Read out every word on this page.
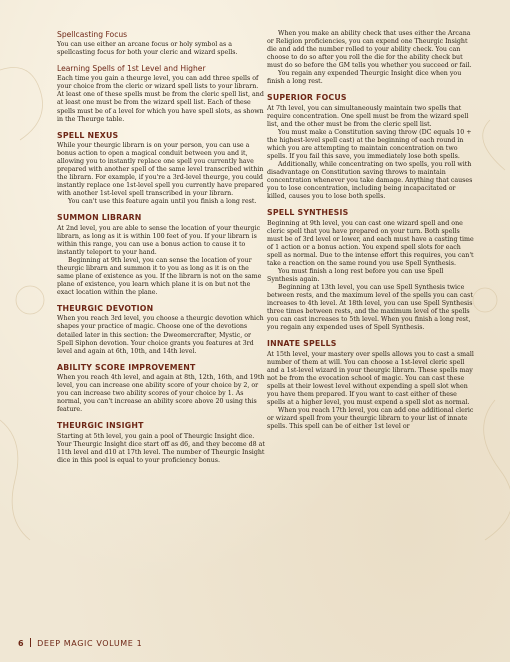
Spellcasting Focus

You can use either an arcane focus or holy symbol as a spellcasting focus for both your cleric and wizard spells.

Learning Spells of 1st Level and Higher

Each time you gain a theurge level, you can add three spells of your choice from the cleric or wizard spell lists to your librarn. At least one of these spells must be from the cleric spell list, and at least one must be from the wizard spell list. Each of these spells must be of a level for which you have spell slots, as shown in the Theurge table.

SPELL NEXUS

While your theurgic librarn is on your person, you can use a bonus action to open a magical conduit between you and it, allowing you to instantly replace one spell you currently have prepared with another spell of the same level transcribed within the librarn. For example, if you're a 3rd-level theurge, you could instantly replace one 1st-level spell you currently have prepared with another 1st-level spell transcribed in your librarn.

You can't use this feature again until you finish a long rest.

SUMMON LIBRARN

At 2nd level, you are able to sense the location of your theurgic librarn, as long as it is within 100 feet of you. If your librarn is within this range, you can use a bonus action to cause it to instantly teleport to your hand.

Beginning at 9th level, you can sense the location of your theurgic librarn and summon it to you as long as it is on the same plane of existence as you. If the librarn is not on the same plane of existence, you learn which plane it is on but not the exact location within the plane.

THEURGIC DEVOTION

When you reach 3rd level, you choose a theurgic devotion which shapes your practice of magic. Choose one of the devotions detailed later in this section: the Dweomercrafter, Mystic, or Spell Siphon devotion. Your choice grants you features at 3rd level and again at 6th, 10th, and 14th level.

ABILITY SCORE IMPROVEMENT

When you reach 4th level, and again at 8th, 12th, 16th, and 19th level, you can increase one ability score of your choice by 2, or you can increase two ability scores of your choice by 1. As normal, you can't increase an ability score above 20 using this feature.

THEURGIC INSIGHT

Starting at 5th level, you gain a pool of Theurgic Insight dice. Your Theurgic Insight dice start off as d6, and they become d8 at 11th level and d10 at 17th level. The number of Theurgic Insight dice in this pool is equal to your proficiency bonus.

When you make an ability check that uses either the Arcana or Religion proficiencies, you can expend one Theurgic Insight die and add the number rolled to your ability check. You can choose to do so after you roll the die for the ability check but must do so before the GM tells you whether you succeed or fail.

You regain any expended Theurgic Insight dice when you finish a long rest.

SUPERIOR FOCUS

At 7th level, you can simultaneously maintain two spells that require concentration. One spell must be from the wizard spell list, and the other must be from the cleric spell list.

You must make a Constitution saving throw (DC equals 10 + the highest-level spell cast) at the beginning of each round in which you are attempting to maintain concentration on two spells. If you fail this save, you immediately lose both spells.

Additionally, while concentrating on two spells, you roll with disadvantage on Constitution saving throws to maintain concentration whenever you take damage. Anything that causes you to lose concentration, including being incapacitated or killed, causes you to lose both spells.

SPELL SYNTHESIS

Beginning at 9th level, you can cast one wizard spell and one cleric spell that you have prepared on your turn. Both spells must be of 3rd level or lower, and each must have a casting time of 1 action or a bonus action. You expend spell slots for each spell as normal. Due to the intense effort this requires, you can't take a reaction on the same round you use Spell Synthesis.

You must finish a long rest before you can use Spell Synthesis again.

Beginning at 13th level, you can use Spell Synthesis twice between rests, and the maximum level of the spells you can cast increases to 4th level. At 18th level, you can use Spell Synthesis three times between rests, and the maximum level of the spells you can cast increases to 5th level. When you finish a long rest, you regain any expended uses of Spell Synthesis.

INNATE SPELLS

At 15th level, your mastery over spells allows you to cast a small number of them at will. You can choose a 1st-level cleric spell and a 1st-level wizard in your theurgic librarn. These spells may not be from the evocation school of magic. You can cast these spells at their lowest level without expending a spell slot when you have them prepared. If you want to cast either of these spells at a higher level, you must expend a spell slot as normal.

When you reach 17th level, you can add one additional cleric or wizard spell from your theurgic librarn to your list of innate spells. This spell can be of either 1st level or

6 DEEP MAGIC VOLUME 1
